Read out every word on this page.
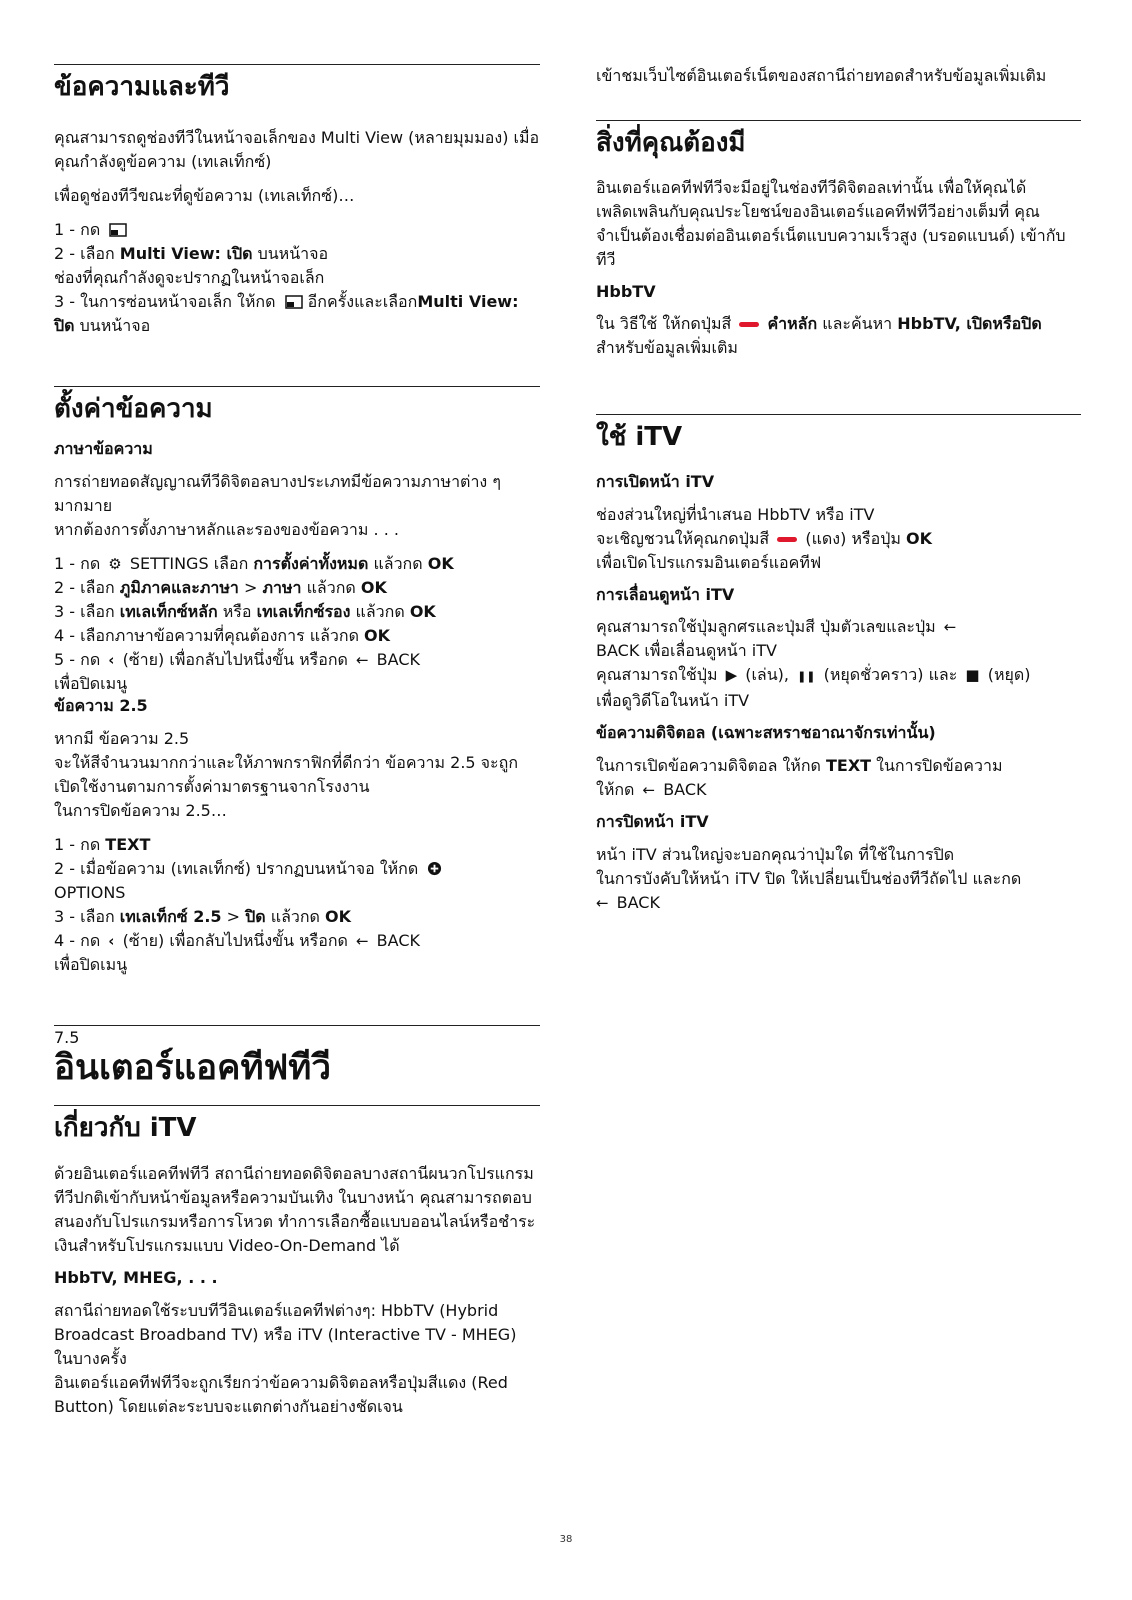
ข้อความและทีวี

คุณสามารถดูช่องทีวีในหน้าจอเล็กของ Multi View (หลายมุมมอง) เมื่อคุณกำลังดูข้อความ (เทเลเท็กซ์)

เพื่อดูช่องทีวีขณะที่ดูข้อความ (เทเลเท็กซ์)…

1 - กด
2 - เลือก Multi View: เปิด บนหน้าจอ
ช่องที่คุณกำลังดูจะปรากฏในหน้าจอเล็ก
3 - ในการซ่อนหน้าจอเล็ก ให้กด  อีกครั้งและเลือกMulti View: ปิด บนหน้าจอ

ตั้งค่าข้อความ
ภาษาข้อความ

การถ่ายทอดสัญญาณทีวีดิจิตอลบางประเภทมีข้อความภาษาต่าง ๆ มากมาย

หากต้องการตั้งภาษาหลักและรองของข้อความ . . .

1 - กด ⚙ SETTINGS เลือก การตั้งค่าทั้งหมด แล้วกด OK
2 - เลือก ภูมิภาคและภาษา > ภาษา แล้วกด OK
3 - เลือก เทเลเท็กซ์หลัก หรือ เทเลเท็กซ์รอง แล้วกด OK
4 - เลือกภาษาข้อความที่คุณต้องการ แล้วกด OK
5 - กด ‹ (ซ้าย) เพื่อกลับไปหนึ่งขั้น หรือกด ← BACK
เพื่อปิดเมนู

ข้อความ 2.5

หากมี ข้อความ 2.5

จะให้สีจำนวนมากกว่าและให้ภาพกราฟิกที่ดีกว่า ข้อความ 2.5 จะถูกเปิดใช้งานตามการตั้งค่ามาตรฐานจากโรงงาน

ในการปิดข้อความ 2.5…

1 - กด TEXT
2 - เมื่อข้อความ (เทเลเท็กซ์) ปรากฏบนหน้าจอ ให้กด
OPTIONS
3 - เลือก เทเลเท็กซ์ 2.5 > ปิด แล้วกด OK
4 - กด ‹ (ซ้าย) เพื่อกลับไปหนึ่งขั้น หรือกด ← BACK
เพื่อปิดเมนู

7.5
อินเตอร์แอคทีฟทีวี
เกี่ยวกับ iTV

ด้วยอินเตอร์แอคทีฟทีวี สถานีถ่ายทอดดิจิตอลบางสถานีผนวกโปรแกรมทีวีปกติเข้ากับหน้าข้อมูลหรือความบันเทิง ในบางหน้า คุณสามารถตอบสนองกับโปรแกรมหรือการโหวต ทำการเลือกซื้อแบบออนไลน์หรือชำระเงินสำหรับโปรแกรมแบบ Video-On-Demand ได้

HbbTV, MHEG, . . .

สถานีถ่ายทอดใช้ระบบทีวีอินเตอร์แอคทีฟต่างๆ: HbbTV (Hybrid Broadcast Broadband TV) หรือ iTV (Interactive TV - MHEG) ในบางครั้ง

อินเตอร์แอคทีฟทีวีจะถูกเรียกว่าข้อความดิจิตอลหรือปุ่มสีแดง (Red Button) โดยแต่ละระบบจะแตกต่างกันอย่างชัดเจน

เข้าชมเว็บไซต์อินเตอร์เน็ตของสถานีถ่ายทอดสำหรับข้อมูลเพิ่มเติม

สิ่งที่คุณต้องมี

อินเตอร์แอคทีฟทีวีจะมีอยู่ในช่องทีวีดิจิตอลเท่านั้น เพื่อให้คุณได้เพลิดเพลินกับคุณประโยชน์ของอินเตอร์แอคทีฟทีวีอย่างเต็มที่ คุณจำเป็นต้องเชื่อมต่ออินเตอร์เน็ตแบบความเร็วสูง (บรอดแบนด์) เข้ากับทีวี

HbbTV

ใน วิธีใช้ ให้กดปุ่มสี คำหลัก และค้นหา HbbTV, เปิดหรือปิด สำหรับข้อมูลเพิ่มเติม

ใช้ iTV
การเปิดหน้า iTV

ช่องส่วนใหญ่ที่นำเสนอ HbbTV หรือ iTV
จะเชิญชวนให้คุณกดปุ่มสี  (แดง) หรือปุ่ม OK
เพื่อเปิดโปรแกรมอินเตอร์แอคทีฟ

การเลื่อนดูหน้า iTV

คุณสามารถใช้ปุ่มลูกศรและปุ่มสี ปุ่มตัวเลขและปุ่ม ←
BACK เพื่อเลื่อนดูหน้า iTV
คุณสามารถใช้ปุ่ม ▶ (เล่น), ❚❚ (หยุดชั่วคราว) และ ■ (หยุด)
เพื่อดูวิดีโอในหน้า iTV

ข้อความดิจิตอล (เฉพาะสหราชอาณาจักรเท่านั้น)

ในการเปิดข้อความดิจิตอล ให้กด TEXT ในการปิดข้อความ
ให้กด ← BACK

การปิดหน้า iTV

หน้า iTV ส่วนใหญ่จะบอกคุณว่าปุ่มใด ที่ใช้ในการปิด
ในการบังคับให้หน้า iTV ปิด ให้เปลี่ยนเป็นช่องทีวีถัดไป และกด
← BACK

38
